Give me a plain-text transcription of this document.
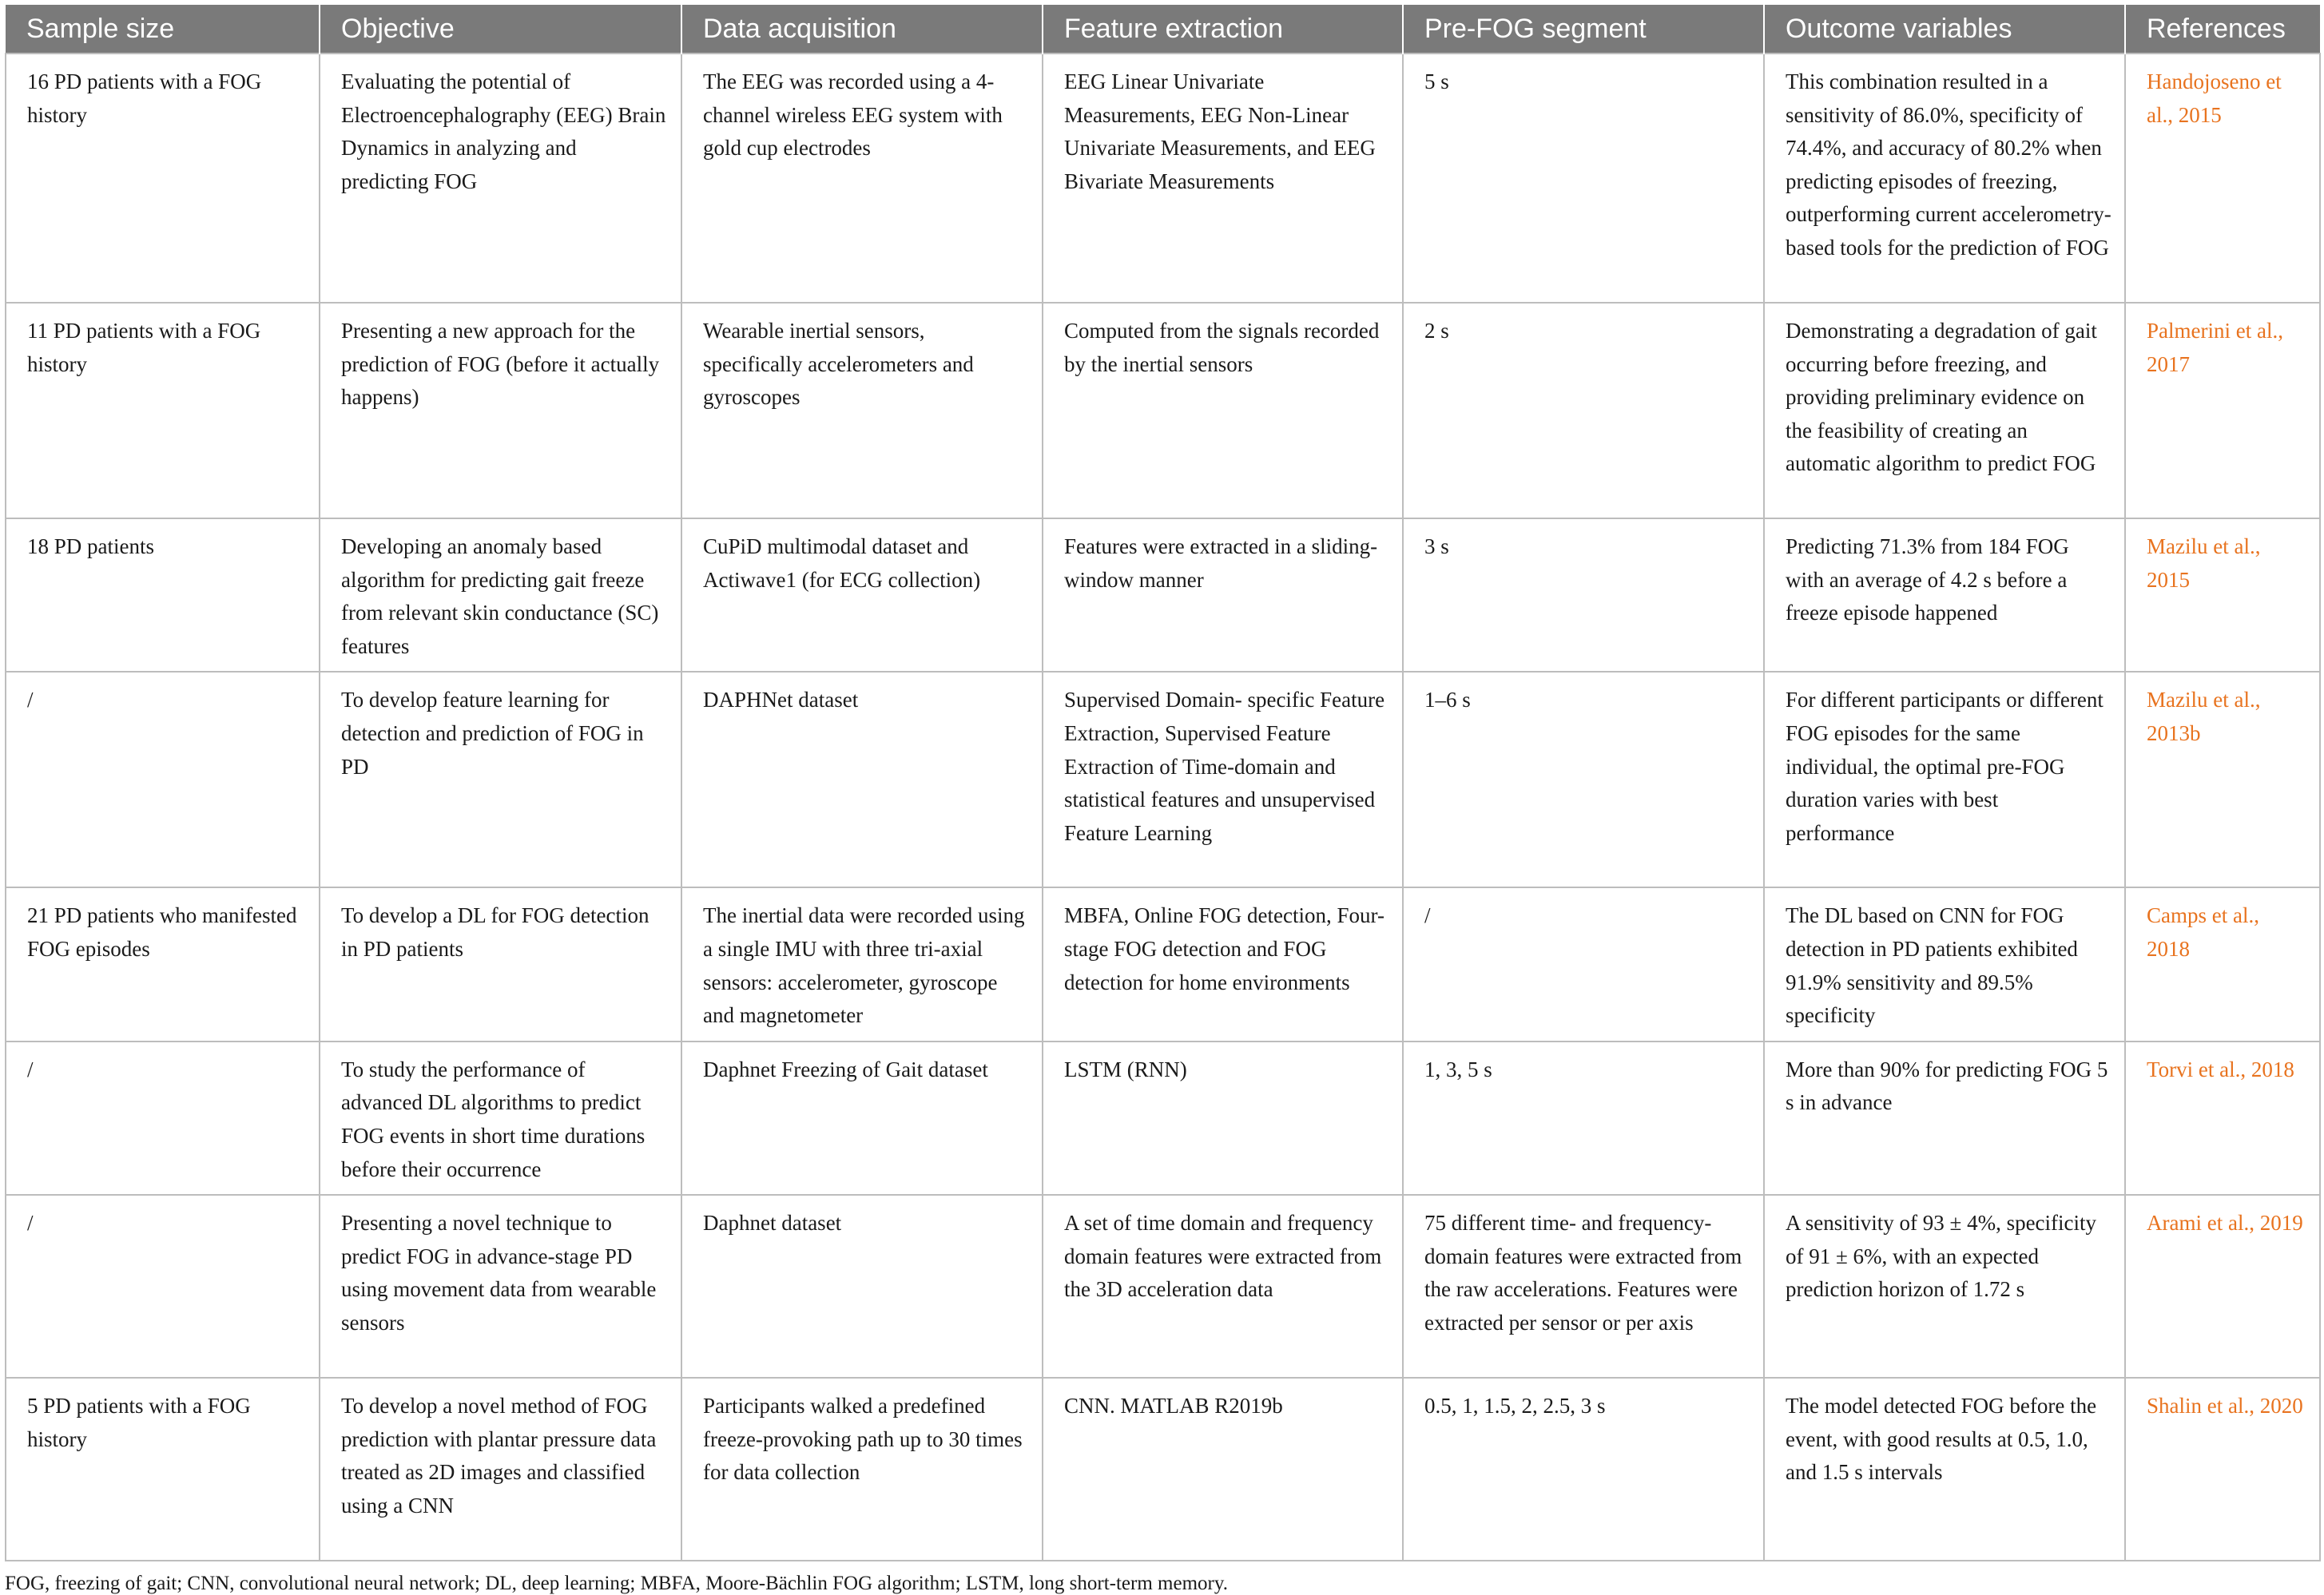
Sample size	Objective	Data acquisition	Feature extraction	Pre-FOG segment	Outcome variables	References
16 PD patients with a FOG history	Evaluating the potential of Electroencephalography (EEG) Brain Dynamics in analyzing and predicting FOG	The EEG was recorded using a 4-channel wireless EEG system with gold cup electrodes	EEG Linear Univariate Measurements, EEG Non-Linear Univariate Measurements, and EEG Bivariate Measurements	5 s	This combination resulted in a sensitivity of 86.0%, specificity of 74.4%, and accuracy of 80.2% when predicting episodes of freezing, outperforming current accelerometry-based tools for the prediction of FOG	Handojoseno et al., 2015
11 PD patients with a FOG history	Presenting a new approach for the prediction of FOG (before it actually happens)	Wearable inertial sensors, specifically accelerometers and gyroscopes	Computed from the signals recorded by the inertial sensors	2 s	Demonstrating a degradation of gait occurring before freezing, and providing preliminary evidence on the feasibility of creating an automatic algorithm to predict FOG	Palmerini et al., 2017
18 PD patients	Developing an anomaly based algorithm for predicting gait freeze from relevant skin conductance (SC) features	CuPiD multimodal dataset and Actiwave1 (for ECG collection)	Features were extracted in a sliding- window manner	3 s	Predicting 71.3% from 184 FOG with an average of 4.2 s before a freeze episode happened	Mazilu et al., 2015
/	To develop feature learning for detection and prediction of FOG in PD	DAPHNet dataset	Supervised Domain- specific Feature Extraction, Supervised Feature Extraction of Time-domain and statistical features and unsupervised Feature Learning	1–6 s	For different participants or different FOG episodes for the same individual, the optimal pre-FOG duration varies with best performance	Mazilu et al., 2013b
21 PD patients who manifested FOG episodes	To develop a DL for FOG detection in PD patients	The inertial data were recorded using a single IMU with three tri-axial sensors: accelerometer, gyroscope and magnetometer	MBFA, Online FOG detection, Four-stage FOG detection and FOG detection for home environments	/	The DL based on CNN for FOG detection in PD patients exhibited 91.9% sensitivity and 89.5% specificity	Camps et al., 2018
/	To study the performance of advanced DL algorithms to predict FOG events in short time durations before their occurrence	Daphnet Freezing of Gait dataset	LSTM (RNN)	1, 3, 5 s	More than 90% for predicting FOG 5 s in advance	Torvi et al., 2018
/	Presenting a novel technique to predict FOG in advance-stage PD using movement data from wearable sensors	Daphnet dataset	A set of time domain and frequency domain features were extracted from the 3D acceleration data	75 different time- and frequency-domain features were extracted from the raw accelerations. Features were extracted per sensor or per axis	A sensitivity of 93 ± 4%, specificity of 91 ± 6%, with an expected prediction horizon of 1.72 s	Arami et al., 2019
5 PD patients with a FOG history	To develop a novel method of FOG prediction with plantar pressure data treated as 2D images and classified using a CNN	Participants walked a predefined freeze-provoking path up to 30 times for data collection	CNN. MATLAB R2019b	0.5, 1, 1.5, 2, 2.5, 3 s	The model detected FOG before the event, with good results at 0.5, 1.0, and 1.5 s intervals	Shalin et al., 2020
FOG, freezing of gait; CNN, convolutional neural network; DL, deep learning; MBFA, Moore-Bächlin FOG algorithm; LSTM, long short-term memory.
